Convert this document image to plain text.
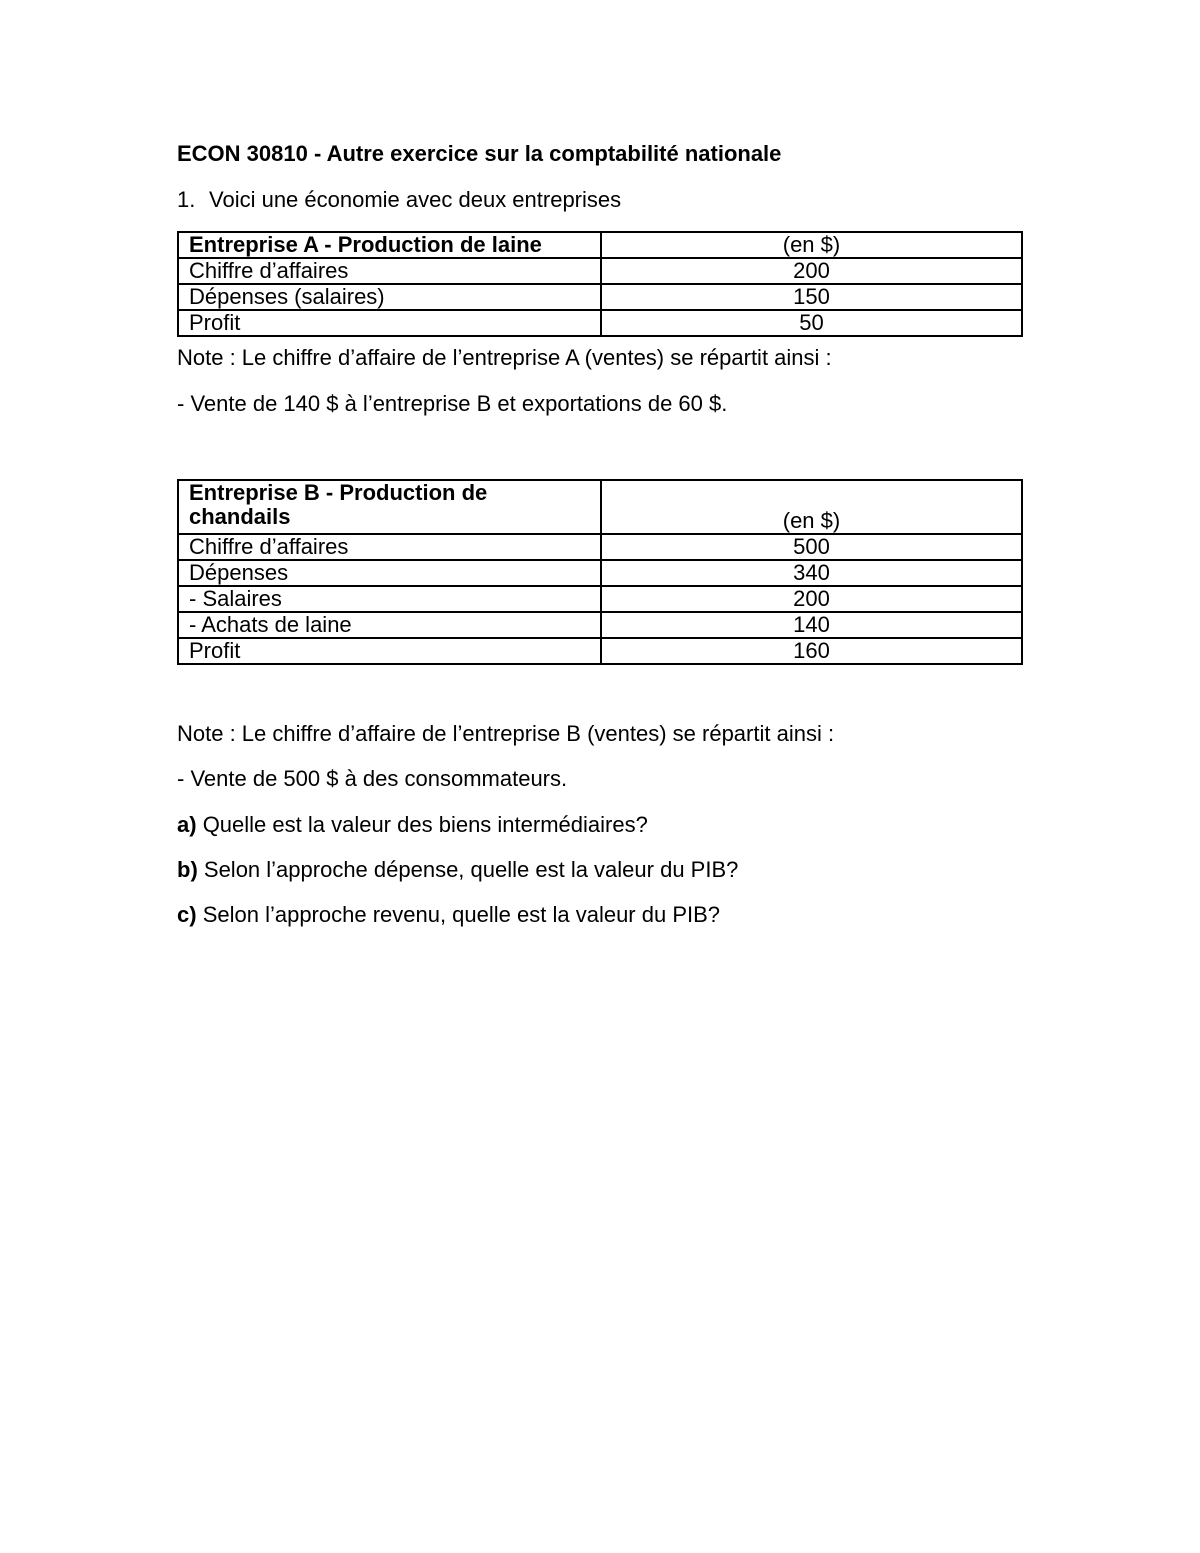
ECON 30810 - Autre exercice sur la comptabilité nationale
1. Voici une économie avec deux entreprises
Entreprise A - Production de laine	(en $)
Chiffre d’affaires	200
Dépenses (salaires)	150
Profit	50
Note : Le chiffre d’affaire de l’entreprise A (ventes) se répartit ainsi :
- Vente de 140 $ à l’entreprise B et exportations de 60 $.
Entreprise B - Production de chandails	(en $)
Chiffre d’affaires	500
Dépenses	340
- Salaires	200
- Achats de laine	140
Profit	160
Note : Le chiffre d’affaire de l’entreprise B (ventes) se répartit ainsi :
- Vente de 500 $ à des consommateurs.
a) Quelle est la valeur des biens intermédiaires?
b) Selon l’approche dépense, quelle est la valeur du PIB?
c) Selon l’approche revenu, quelle est la valeur du PIB?
